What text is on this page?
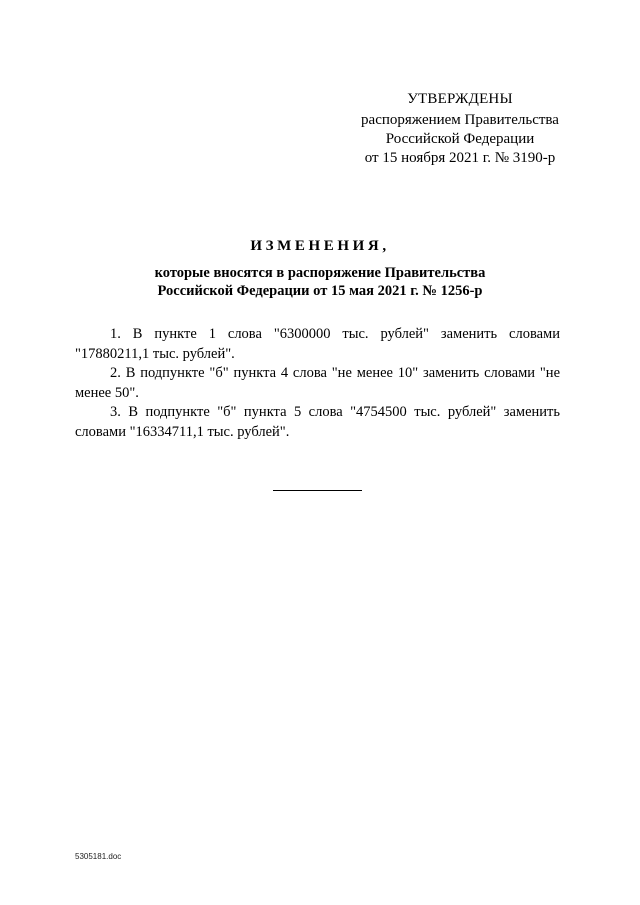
УТВЕРЖДЕНЫ
распоряжением Правительства
Российской Федерации
от 15 ноября 2021 г. № 3190-р
ИЗМЕНЕНИЯ,
которые вносятся в распоряжение Правительства
Российской Федерации от 15 мая 2021 г. № 1256-р

1. В пункте 1 слова "6300000 тыс. рублей" заменить словами "17880211,1 тыс. рублей".

2. В подпункте "б" пункта 4 слова "не менее 10" заменить словами "не менее 50".

3. В подпункте "б" пункта 5 слова "4754500 тыс. рублей" заменить словами "16334711,1 тыс. рублей".

5305181.doc
